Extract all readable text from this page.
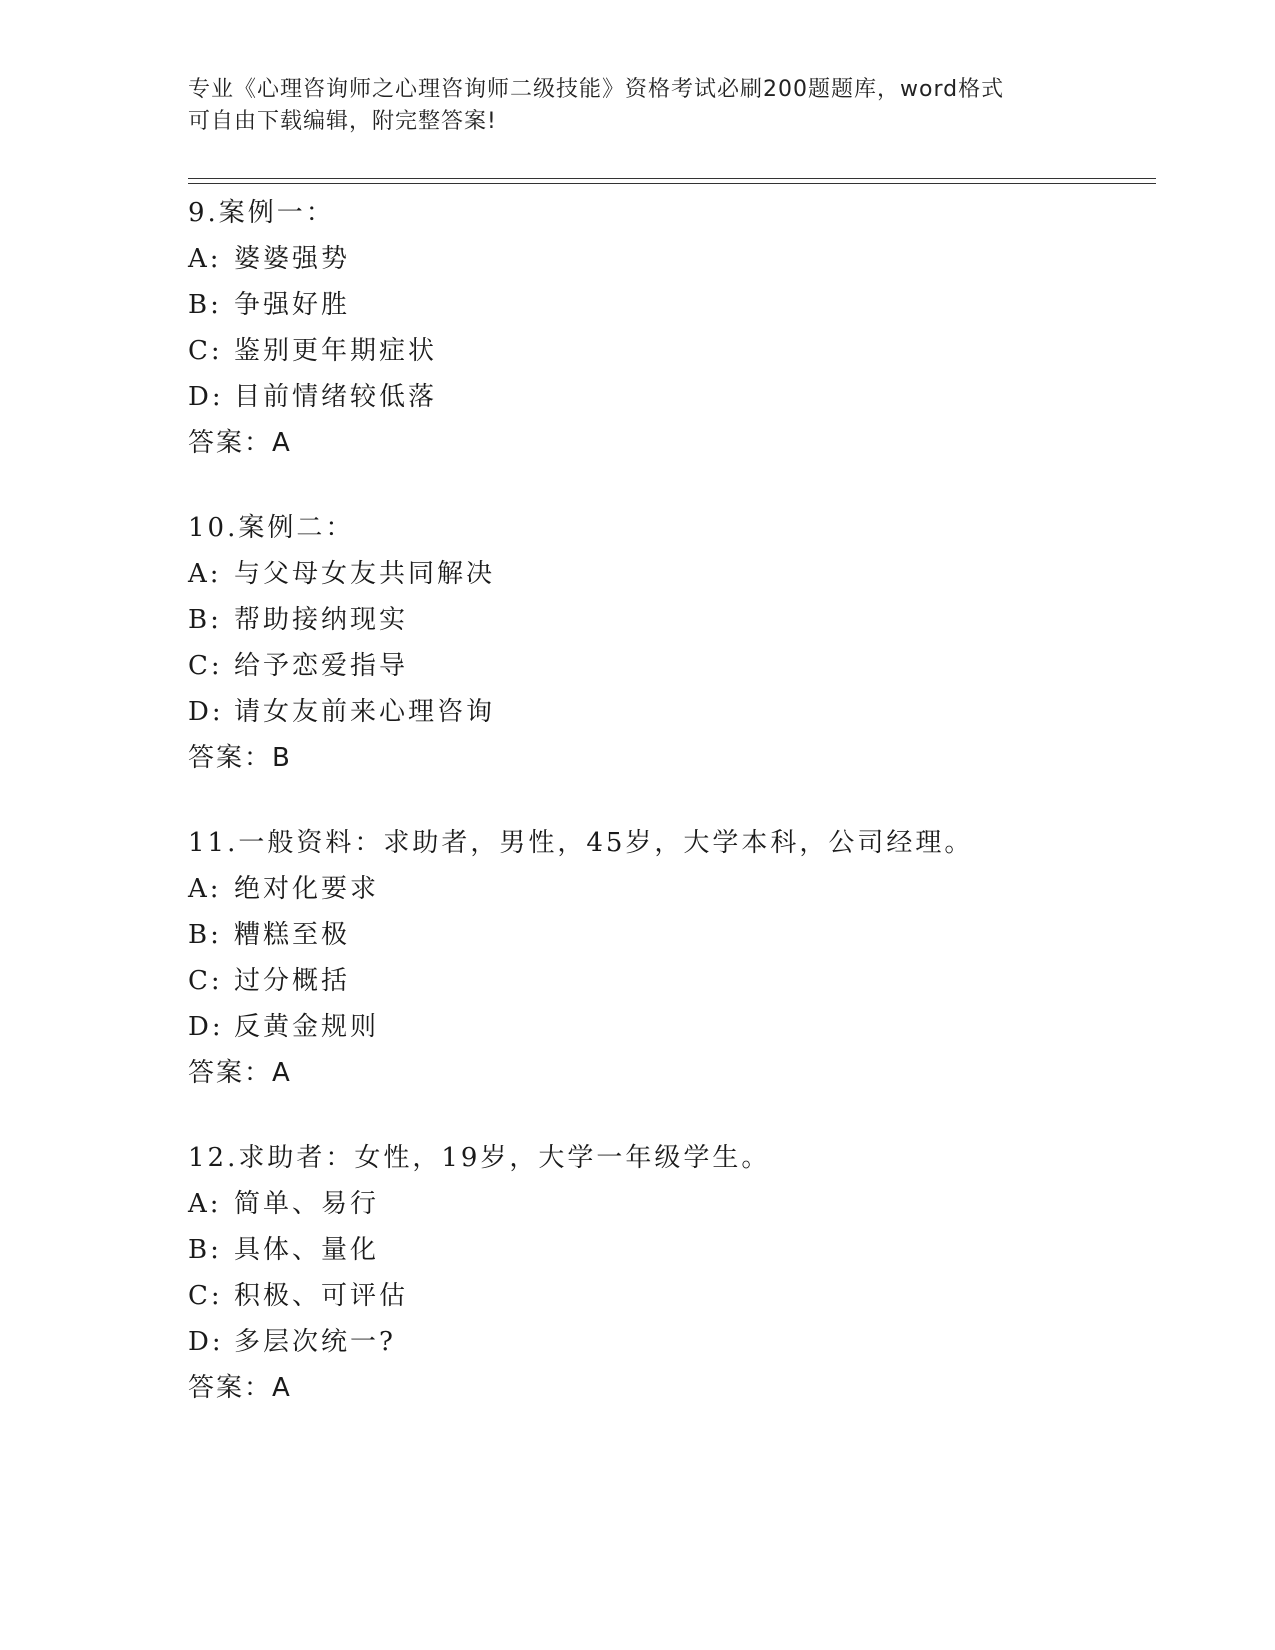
专业《心理咨询师之心理咨询师二级技能》资格考试必刷200题题库，word格式
可自由下载编辑，附完整答案!
9.案例一：
A: 婆婆强势
B: 争强好胜
C: 鉴别更年期症状
D: 目前情绪较低落
答案：A
10.案例二：
A: 与父母女友共同解决
B: 帮助接纳现实
C: 给予恋爱指导
D: 请女友前来心理咨询
答案：B
11.一般资料：求助者，男性，45岁，大学本科，公司经理。
A: 绝对化要求
B: 糟糕至极
C: 过分概括
D: 反黄金规则
答案：A
12.求助者：女性，19岁，大学一年级学生。
A: 简单、易行
B: 具体、量化
C: 积极、可评估
D: 多层次统一?
答案：A
